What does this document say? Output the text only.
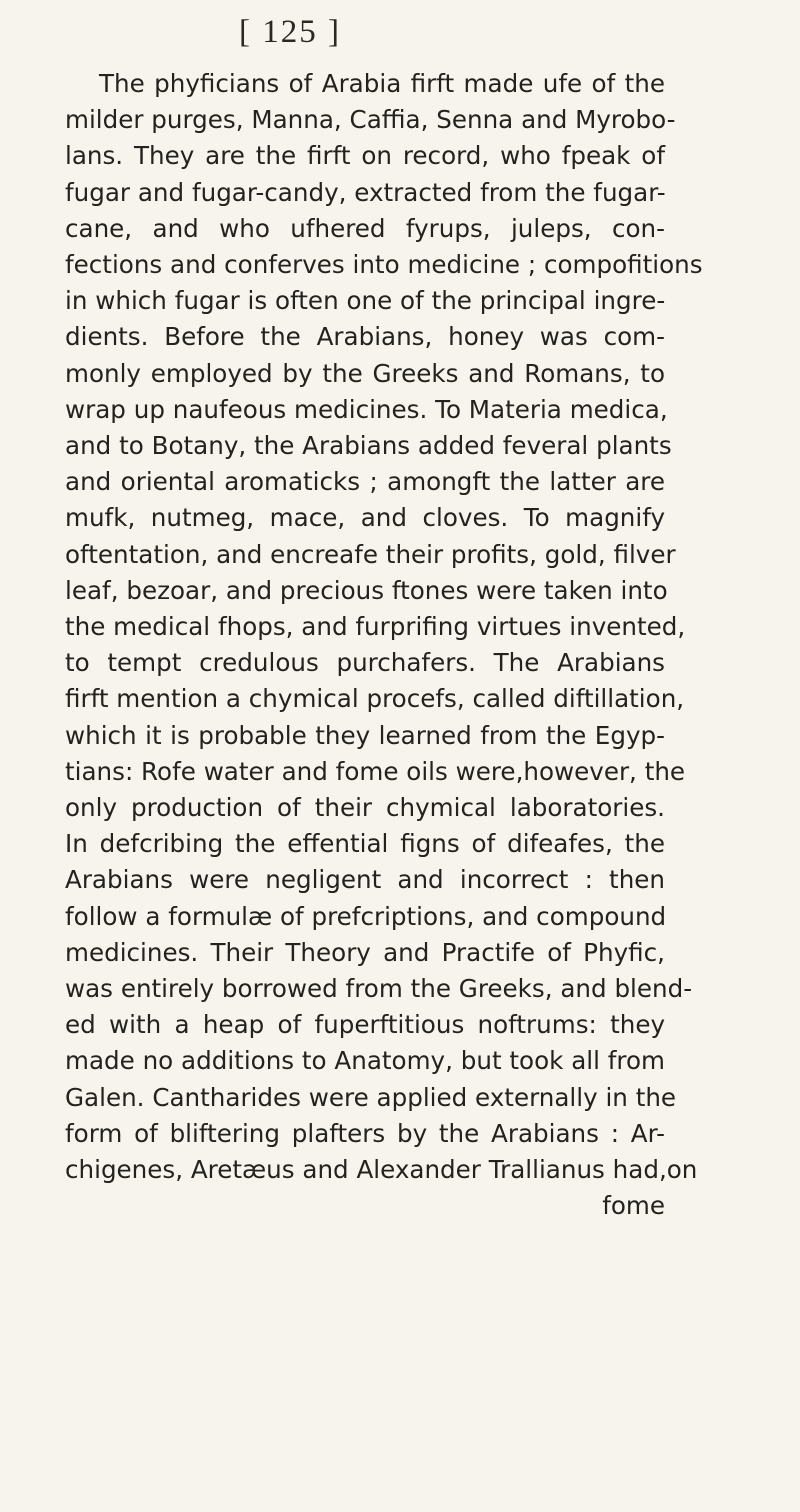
[ 125 ]
The phyficians of Arabia firft made ufe of the
milder purges, Manna, Caffia, Senna and Myrobo-
lans. They are the firft on record, who fpeak of
fugar and fugar-candy, extracted from the fugar-
cane, and who ufhered fyrups, juleps, con-
fections and conferves into medicine ; compofitions
in which fugar is often one of the principal ingre-
dients. Before the Arabians, honey was com-
monly employed by the Greeks and Romans, to
wrap up naufeous medicines. To Materia medica,
and to Botany, the Arabians added feveral plants
and oriental aromaticks ; amongft the latter are
mufk, nutmeg, mace, and cloves. To magnify
oftentation, and encreafe their profits, gold, filver
leaf, bezoar, and precious ftones were taken into
the medical fhops, and furprifing virtues invented,
to tempt credulous purchafers. The Arabians
firft mention a chymical procefs, called diftillation,
which it is probable they learned from the Egyp-
tians: Rofe water and fome oils were,however, the
only production of their chymical laboratories.
In defcribing the effential figns of difeafes, the
Arabians were negligent and incorrect : then
follow a formulæ of prefcriptions, and compound
medicines. Their Theory and Practife of Phyfic,
was entirely borrowed from the Greeks, and blend-
ed with a heap of fuperftitious noftrums: they
made no additions to Anatomy, but took all from
Galen. Cantharides were applied externally in the
form of bliftering plafters by the Arabians : Ar-
chigenes, Aretæus and Alexander Trallianus had,on
fome
